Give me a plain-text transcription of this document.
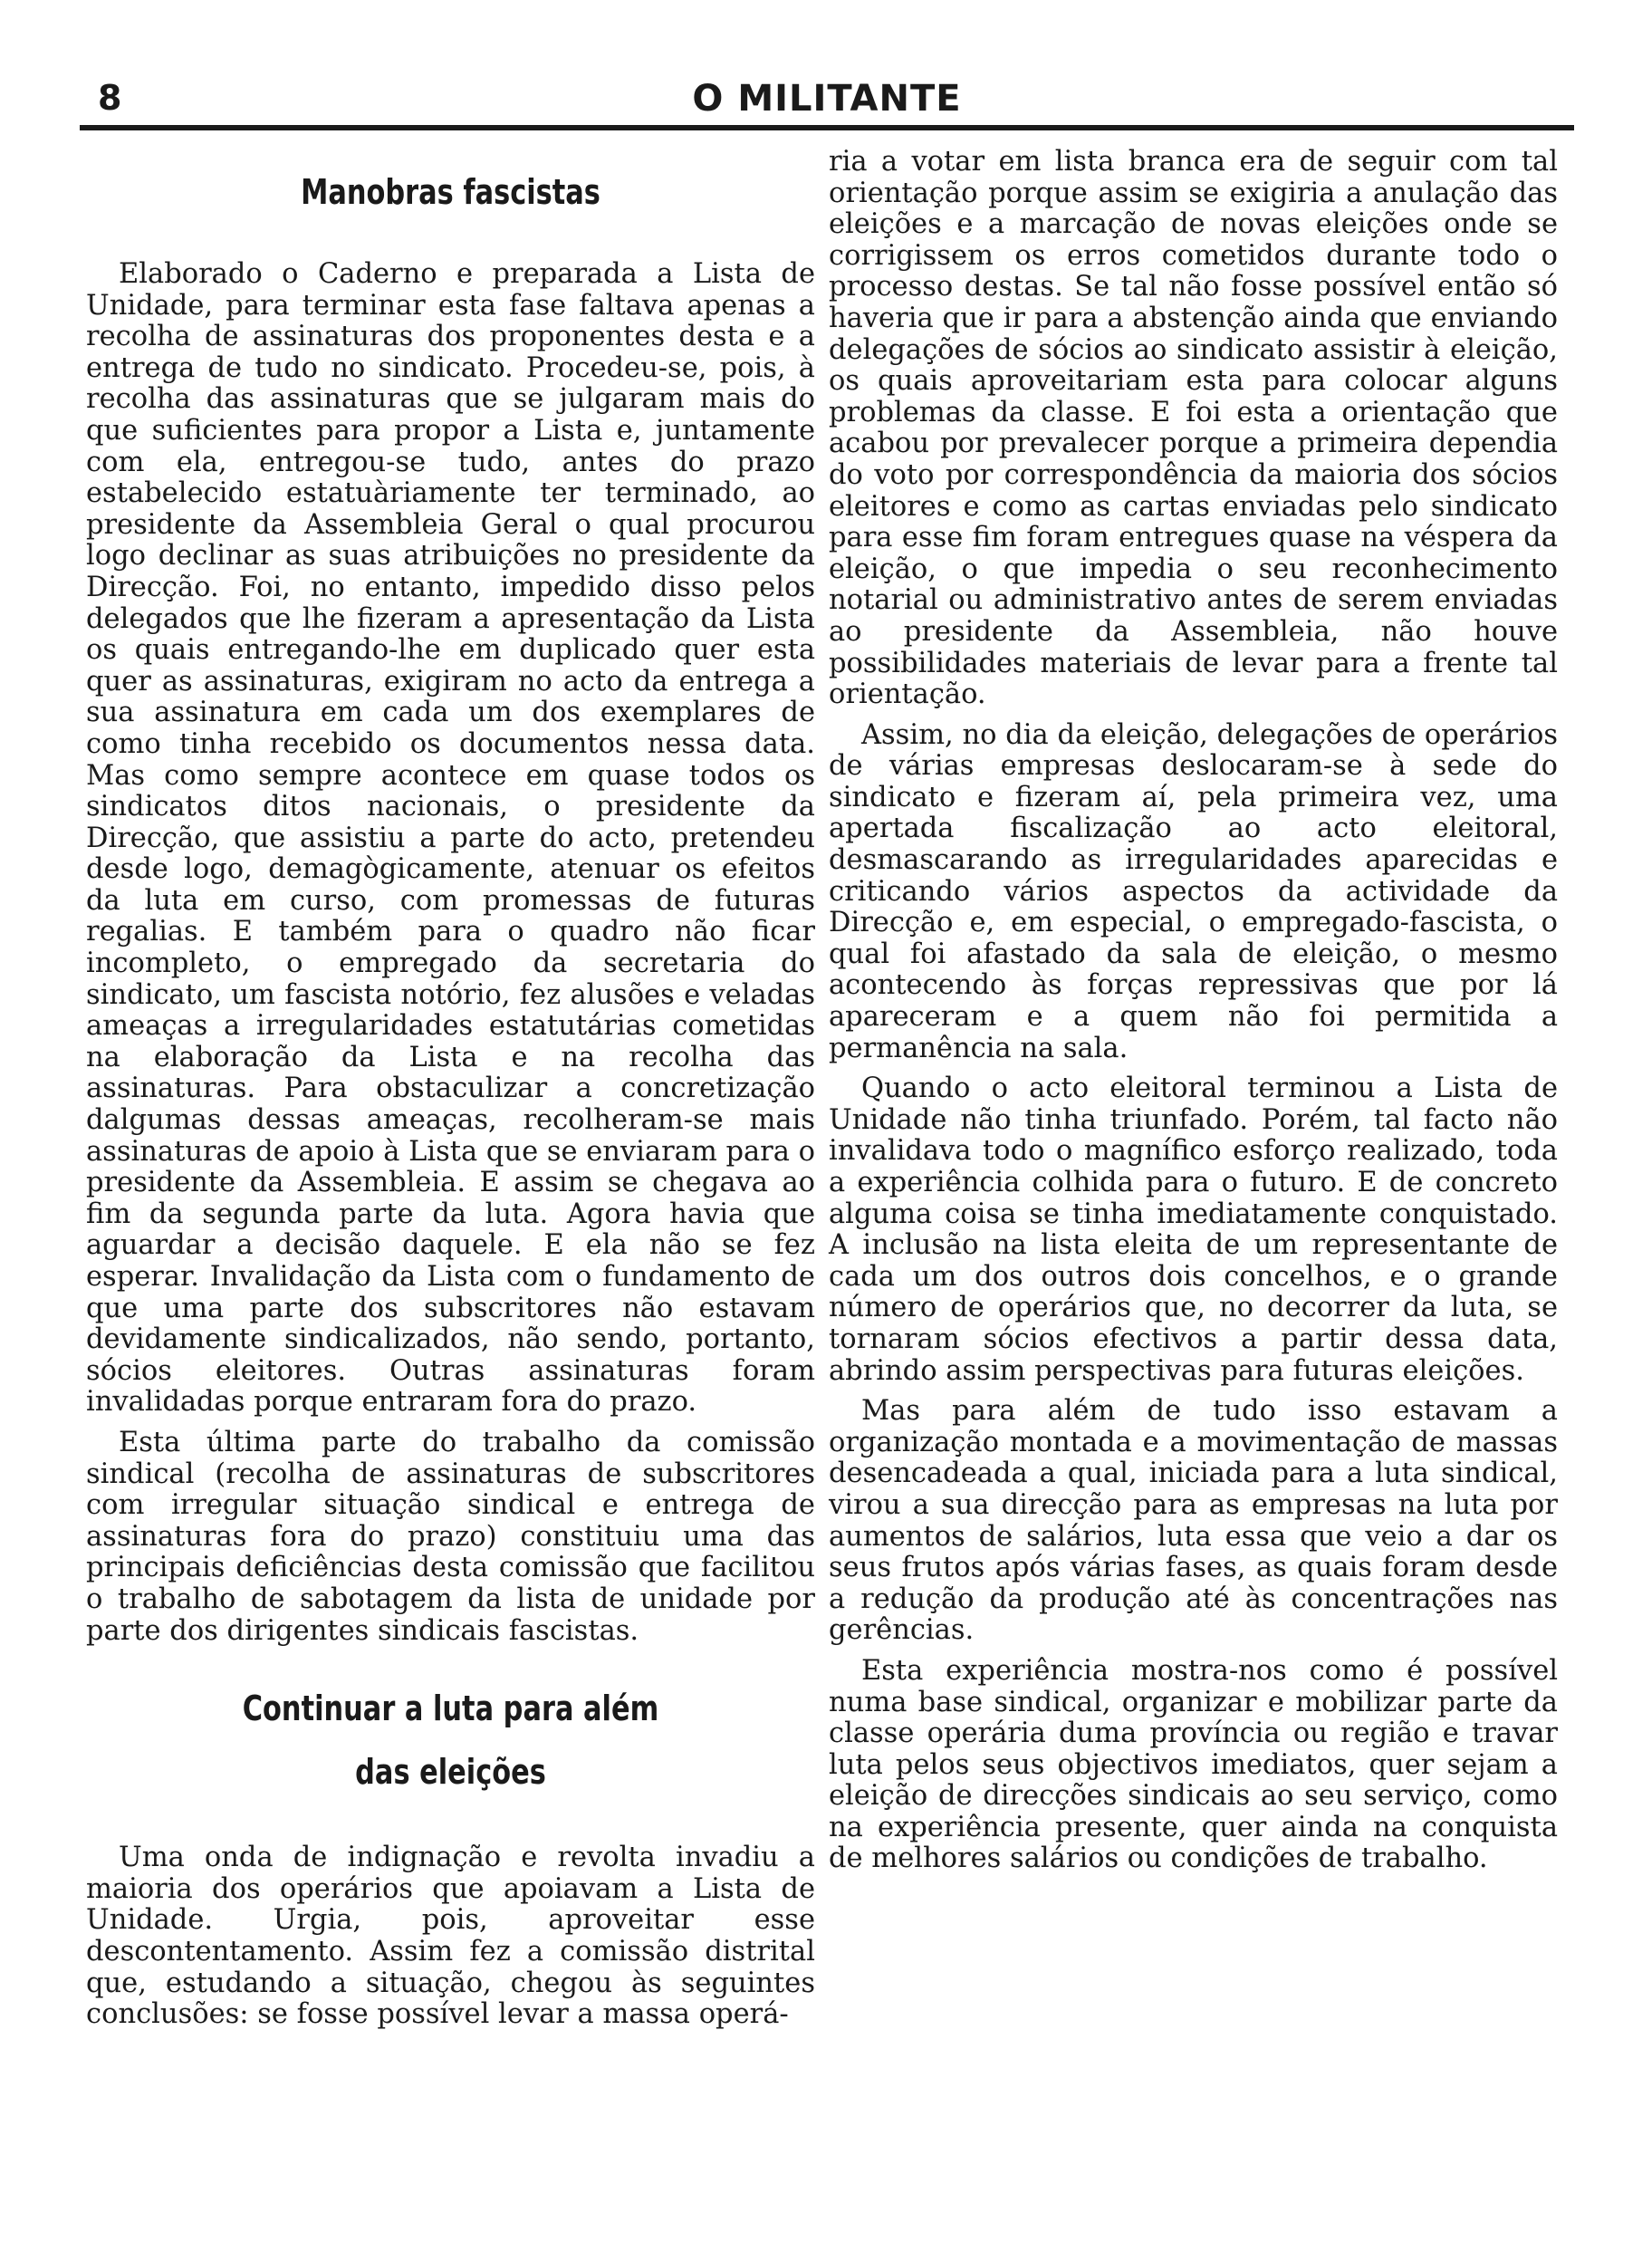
8	O MILITANTE
Manobras fascistas

Elaborado o Caderno e preparada a Lista de Unidade, para terminar esta fase faltava apenas a recolha de assinaturas dos proponentes desta e a entrega de tudo no sindicato. Procedeu-se, pois, à recolha das assinaturas que se julgaram mais do que suficientes para propor a Lista e, juntamente com ela, entregou-se tudo, antes do prazo estabelecido estatuàriamente ter terminado, ao presidente da Assembleia Geral o qual procurou logo declinar as suas atribuições no presidente da Direcção. Foi, no entanto, impedido disso pelos delegados que lhe fizeram a apresentação da Lista os quais entregando-lhe em duplicado quer esta quer as assinaturas, exigiram no acto da entrega a sua assinatura em cada um dos exemplares de como tinha recebido os documentos nessa data. Mas como sempre acontece em quase todos os sindicatos ditos nacionais, o presidente da Direcção, que assistiu a parte do acto, pretendeu desde logo, demagògicamente, atenuar os efeitos da luta em curso, com promessas de futuras regalias. E também para o quadro não ficar incompleto, o empregado da secretaria do sindicato, um fascista notório, fez alusões e veladas ameaças a irregularidades estatutárias cometidas na elaboração da Lista e na recolha das assinaturas. Para obstaculizar a concretização dalgumas dessas ameaças, recolheram-se mais assinaturas de apoio à Lista que se enviaram para o presidente da Assembleia. E assim se chegava ao fim da segunda parte da luta. Agora havia que aguardar a decisão daquele. E ela não se fez esperar. Invalidação da Lista com o fundamento de que uma parte dos subscritores não estavam devidamente sindicalizados, não sendo, portanto, sócios eleitores. Outras assinaturas foram invalidadas porque entraram fora do prazo.

Esta última parte do trabalho da comissão sindical (recolha de assinaturas de subscritores com irregular situação sindical e entrega de assinaturas fora do prazo) constituiu uma das principais deficiências desta comissão que facilitou o trabalho de sabotagem da lista de unidade por parte dos dirigentes sindicais fascistas.

Continuar a luta para além
das eleições

Uma onda de indignação e revolta invadiu a maioria dos operários que apoiavam a Lista de Unidade. Urgia, pois, aproveitar esse descontentamento. Assim fez a comissão distrital que, estudando a situação, chegou às seguintes conclusões: se fosse possível levar a massa operá-

ria a votar em lista branca era de seguir com tal orientação porque assim se exigiria a anulação das eleições e a marcação de novas eleições onde se corrigissem os erros cometidos durante todo o processo destas. Se tal não fosse possível então só haveria que ir para a abstenção ainda que enviando delegações de sócios ao sindicato assistir à eleição, os quais aproveitariam esta para colocar alguns problemas da classe. E foi esta a orientação que acabou por prevalecer porque a primeira dependia do voto por correspondência da maioria dos sócios eleitores e como as cartas enviadas pelo sindicato para esse fim foram entregues quase na véspera da eleição, o que impedia o seu reconhecimento notarial ou administrativo antes de serem enviadas ao presidente da Assembleia, não houve possibilidades materiais de levar para a frente tal orientação.

Assim, no dia da eleição, delegações de operários de várias empresas deslocaram-se à sede do sindicato e fizeram aí, pela primeira vez, uma apertada fiscalização ao acto eleitoral, desmascarando as irregularidades aparecidas e criticando vários aspectos da actividade da Direcção e, em especial, o empregado-fascista, o qual foi afastado da sala de eleição, o mesmo acontecendo às forças repressivas que por lá apareceram e a quem não foi permitida a permanência na sala.

Quando o acto eleitoral terminou a Lista de Unidade não tinha triunfado. Porém, tal facto não invalidava todo o magnífico esforço realizado, toda a experiência colhida para o futuro. E de concreto alguma coisa se tinha imediatamente conquistado. A inclusão na lista eleita de um representante de cada um dos outros dois concelhos, e o grande número de operários que, no decorrer da luta, se tornaram sócios efectivos a partir dessa data, abrindo assim perspectivas para futuras eleições.

Mas para além de tudo isso estavam a organização montada e a movimentação de massas desencadeada a qual, iniciada para a luta sindical, virou a sua direcção para as empresas na luta por aumentos de salários, luta essa que veio a dar os seus frutos após várias fases, as quais foram desde a redução da produção até às concentrações nas gerências.

Esta experiência mostra-nos como é possível numa base sindical, organizar e mobilizar parte da classe operária duma província ou região e travar luta pelos seus objectivos imediatos, quer sejam a eleição de direcções sindicais ao seu serviço, como na experiência presente, quer ainda na conquista de melhores salários ou condições de trabalho.
